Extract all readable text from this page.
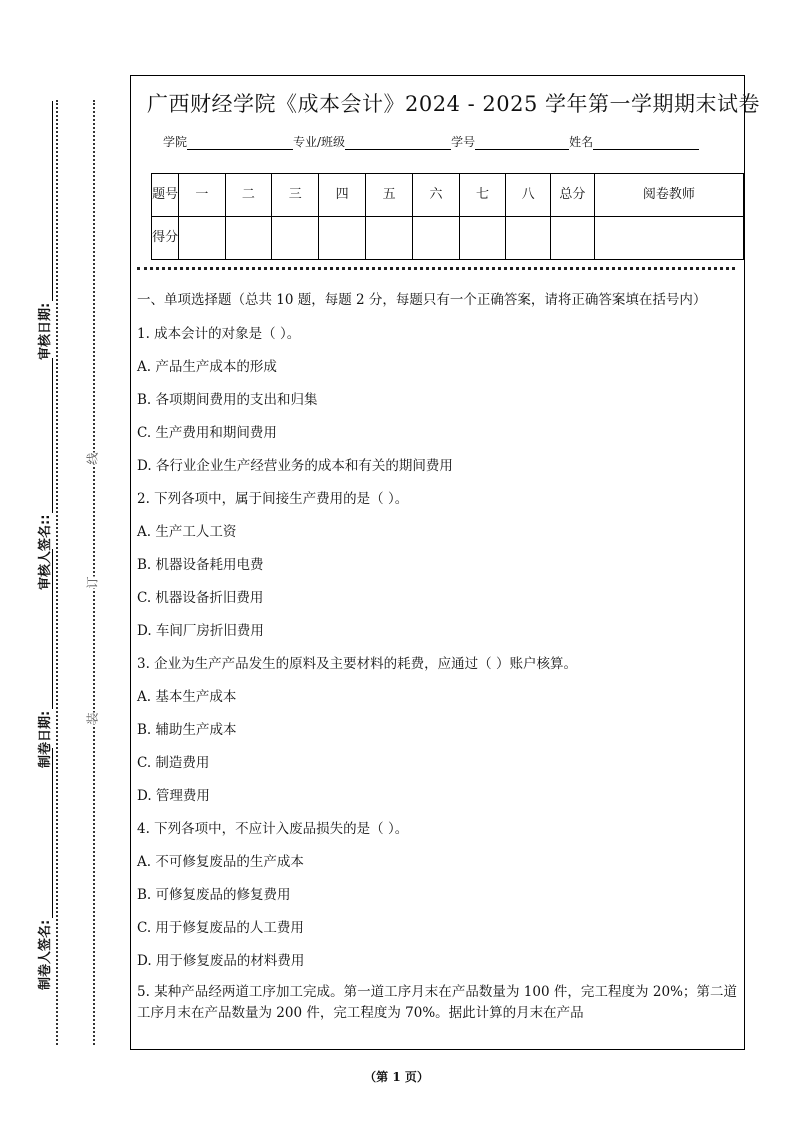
审核日期:
审核人签名::
制卷日期:
制卷人签名:
线
订
装
广西财经学院《成本会计》2024 - 2025 学年第一学期期末试卷
学院	专业/班级	学号	姓名
题号	一	二	三	四	五	六	七	八	总分	阅卷教师
得分										

一、单项选择题（总共 10 题，每题 2 分，每题只有一个正确答案，请将正确答案填在括号内）

1. 成本会计的对象是（ ）。

A. 产品生产成本的形成

B. 各项期间费用的支出和归集

C. 生产费用和期间费用

D. 各行业企业生产经营业务的成本和有关的期间费用

2. 下列各项中，属于间接生产费用的是（ ）。

A. 生产工人工资

B. 机器设备耗用电费

C. 机器设备折旧费用

D. 车间厂房折旧费用

3. 企业为生产产品发生的原料及主要材料的耗费，应通过（ ）账户核算。

A. 基本生产成本

B. 辅助生产成本

C. 制造费用

D. 管理费用

4. 下列各项中，不应计入废品损失的是（ ）。

A. 不可修复废品的生产成本

B. 可修复废品的修复费用

C. 用于修复废品的人工费用

D. 用于修复废品的材料费用

5. 某种产品经两道工序加工完成。第一道工序月末在产品数量为 100 件，完工程度为 20%；第二道工序月末在产品数量为 200 件，完工程度为 70%。据此计算的月末在产品

（第 1 页）
